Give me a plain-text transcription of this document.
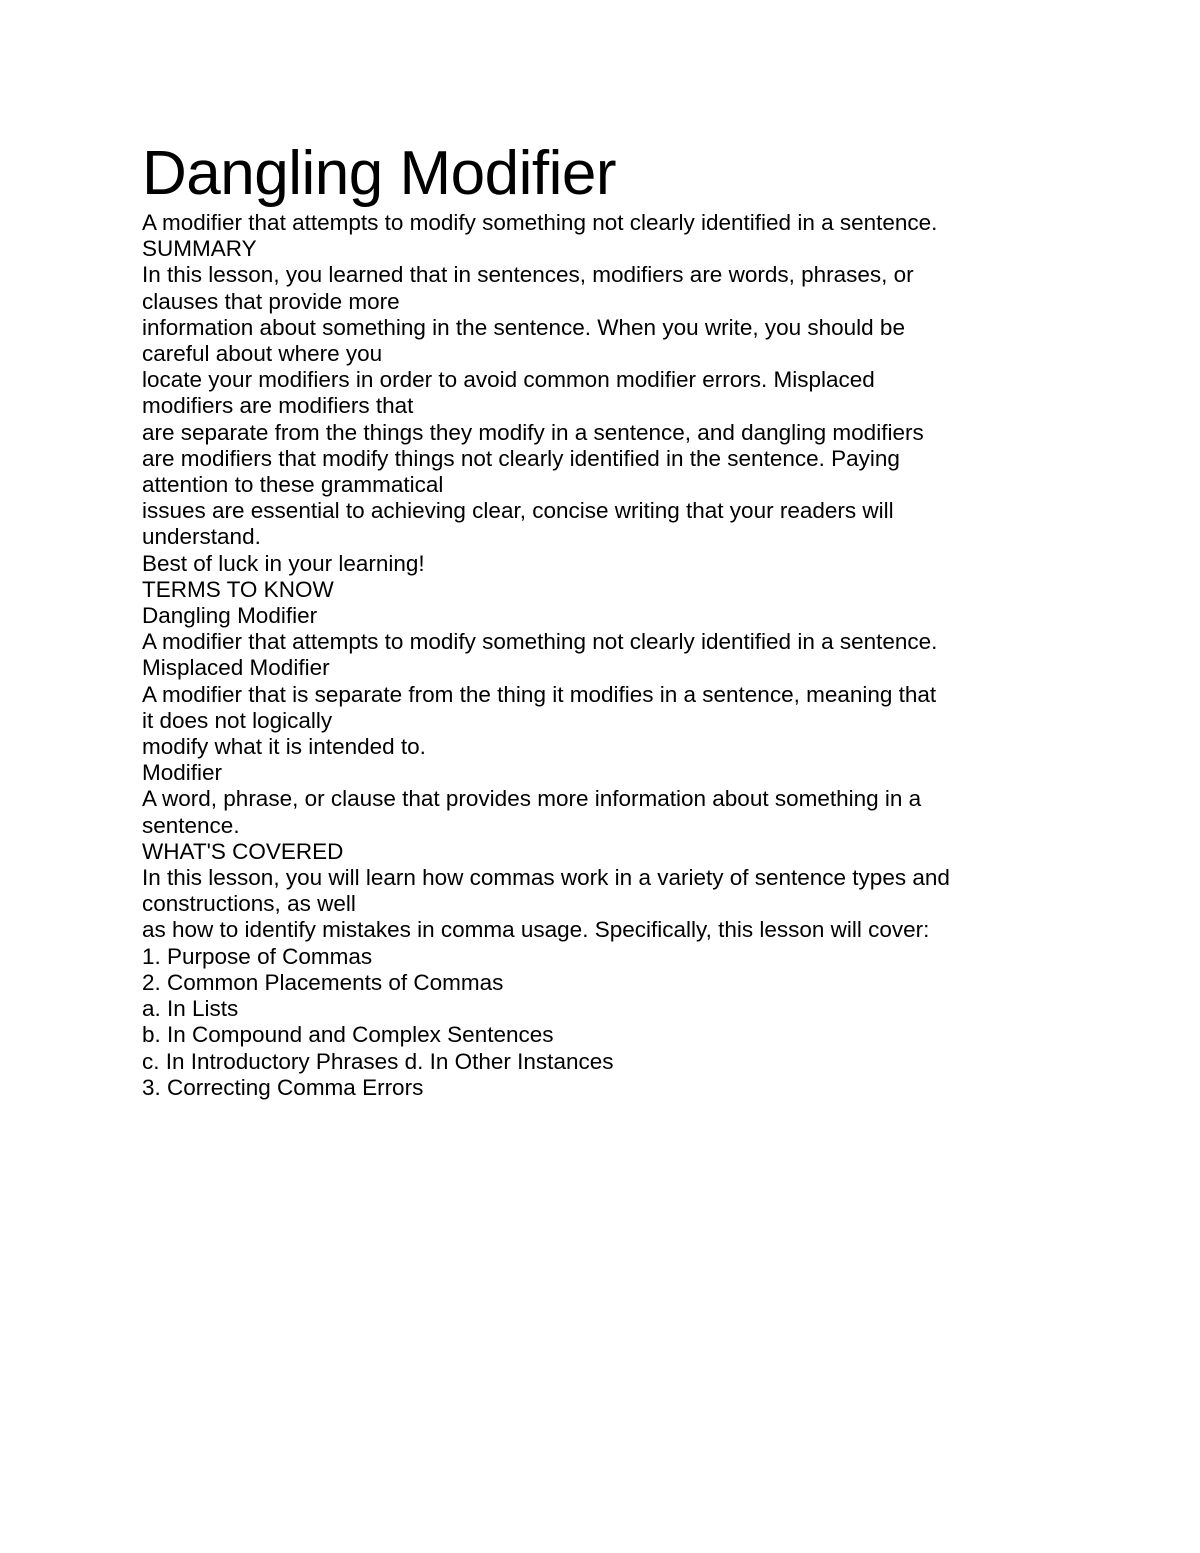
Dangling Modifier

A modifier that attempts to modify something not clearly identified in a sentence.

SUMMARY

In this lesson, you learned that in sentences, modifiers are words, phrases, or

clauses that provide more

information about something in the sentence. When you write, you should be

careful about where you

locate your modifiers in order to avoid common modifier errors. Misplaced

modifiers are modifiers that

are separate from the things they modify in a sentence, and dangling modifiers

are modifiers that modify things not clearly identified in the sentence. Paying

attention to these grammatical

issues are essential to achieving clear, concise writing that your readers will

understand.

Best of luck in your learning!

TERMS TO KNOW

Dangling Modifier

A modifier that attempts to modify something not clearly identified in a sentence.

Misplaced Modifier

A modifier that is separate from the thing it modifies in a sentence, meaning that

it does not logically

modify what it is intended to.

Modifier

A word, phrase, or clause that provides more information about something in a

sentence.

WHAT'S COVERED

In this lesson, you will learn how commas work in a variety of sentence types and

constructions, as well

as how to identify mistakes in comma usage. Specifically, this lesson will cover:

1. Purpose of Commas

2. Common Placements of Commas

a. In Lists

b. In Compound and Complex Sentences

c. In Introductory Phrases d. In Other Instances

3. Correcting Comma Errors
